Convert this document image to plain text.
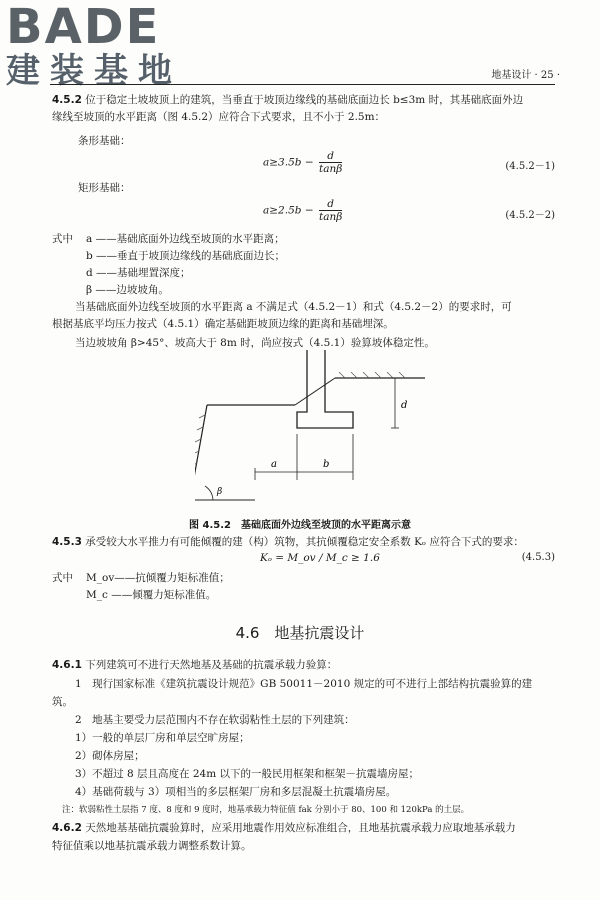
BADE
建装基地	地基设计 · 25 ·
4.5.2 位于稳定土坡坡顶上的建筑，当垂直于坡顶边缘线的基础底面边长 b≤3m 时，其基础底面外边
缘线至坡顶的水平距离（图 4.5.2）应符合下式要求，且不小于 2.5m：
条形基础：
$a\ge 3.5b - \frac{d}{\tan\beta}$	(4.5.2－1)
矩形基础：
$a\ge 2.5b - \frac{d}{\tan\beta}$	(4.5.2－2)
式中	a ——基础底面外边线至坡顶的水平距离；
b ——垂直于坡顶边缘线的基础底面边长；
d ——基础埋置深度；
β ——边坡坡角。
当基础底面外边线至坡顶的水平距离 a 不满足式（4.5.2－1）和式（4.5.2－2）的要求时，可
根据基底平均压力按式（4.5.1）确定基础距坡顶边缘的距离和基础埋深。
当边坡坡角 β>45°、坡高大于 8m 时，尚应按式（4.5.1）验算坡体稳定性。
d
a	b
β
图 4.5.2　基础底面外边线至坡顶的水平距离示意
4.5.3 承受较大水平推力有可能倾覆的建（构）筑物，其抗倾覆稳定安全系数 Kₒ 应符合下式的要求：
Kₒ = M_ov / M_c ≥ 1.6	(4.5.3)
式中	M_ov——抗倾覆力矩标准值；
M_c ——倾覆力矩标准值。
4.6　地基抗震设计
4.6.1 下列建筑可不进行天然地基及基础的抗震承载力验算：
1　现行国家标准《建筑抗震设计规范》GB 50011－2010 规定的可不进行上部结构抗震验算的建
筑。
2　地基主要受力层范围内不存在软弱粘性土层的下列建筑：
1）一般的单层厂房和单层空旷房屋；
2）砌体房屋；
3）不超过 8 层且高度在 24m 以下的一般民用框架和框架－抗震墙房屋；
4）基础荷载与 3）项相当的多层框架厂房和多层混凝土抗震墙房屋。
注：软弱粘性土层指 7 度、8 度和 9 度时，地基承载力特征值 fak 分别小于 80、100 和 120kPa 的土层。
4.6.2 天然地基基础抗震验算时，应采用地震作用效应标准组合，且地基抗震承载力应取地基承载力
特征值乘以地基抗震承载力调整系数计算。
